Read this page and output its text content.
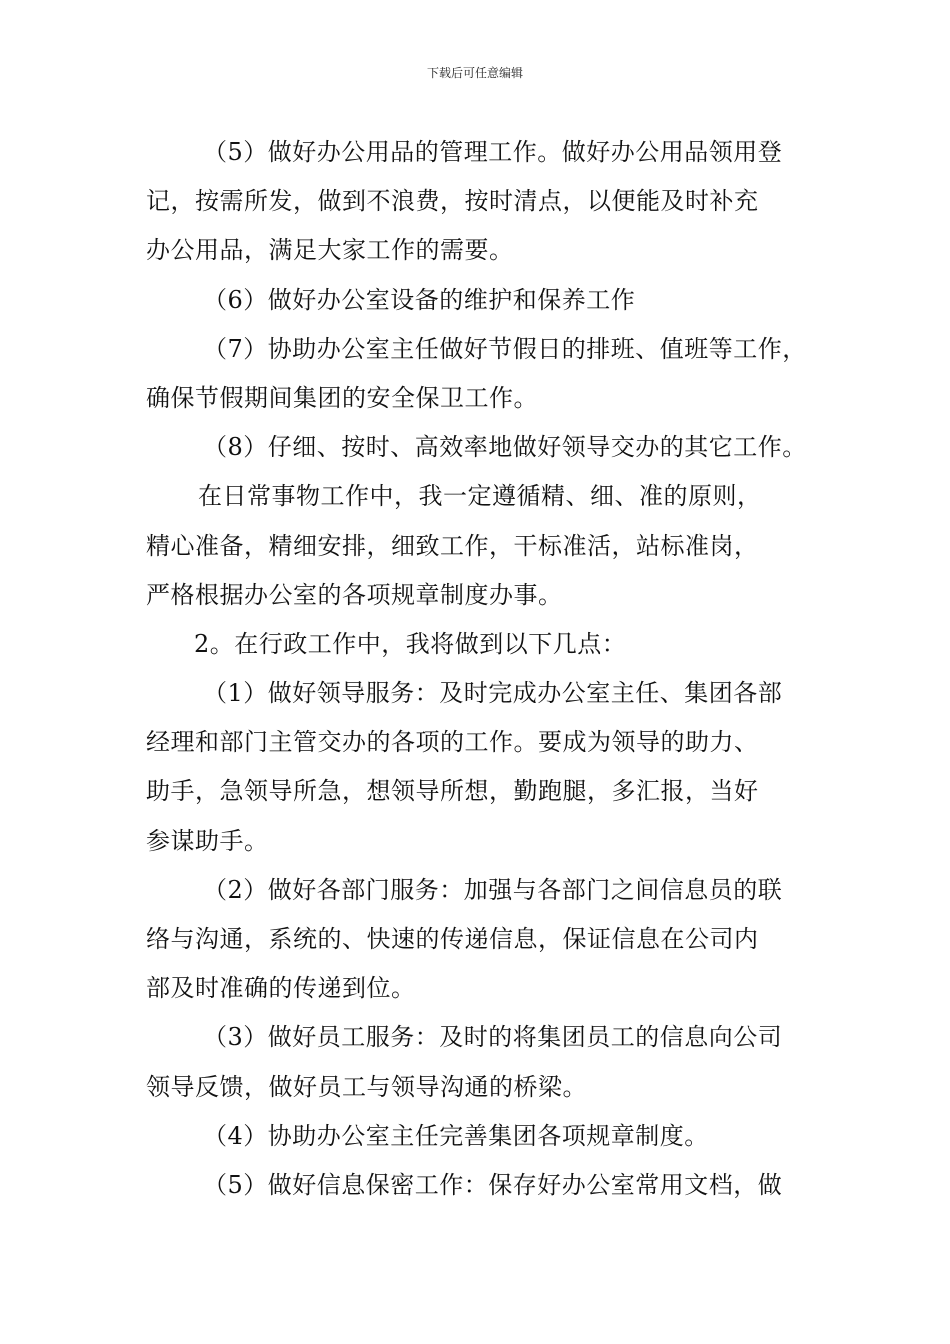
下载后可任意编辑
（5）做好办公用品的管理工作。做好办公用品领用登
记，按需所发，做到不浪费，按时清点，以便能及时补充
办公用品，满足大家工作的需要。
（6）做好办公室设备的维护和保养工作
（7）协助办公室主任做好节假日的排班、值班等工作，
确保节假期间集团的安全保卫工作。
（8）仔细、按时、高效率地做好领导交办的其它工作。
在日常事物工作中，我一定遵循精、细、准的原则，
精心准备，精细安排，细致工作，干标准活，站标准岗，
严格根据办公室的各项规章制度办事。
2。在行政工作中，我将做到以下几点：
（1）做好领导服务：及时完成办公室主任、集团各部
经理和部门主管交办的各项的工作。要成为领导的助力、
助手，急领导所急，想领导所想，勤跑腿，多汇报，当好
参谋助手。
（2）做好各部门服务：加强与各部门之间信息员的联
络与沟通，系统的、快速的传递信息，保证信息在公司内
部及时准确的传递到位。
（3）做好员工服务：及时的将集团员工的信息向公司
领导反馈，做好员工与领导沟通的桥梁。
（4）协助办公室主任完善集团各项规章制度。
（5）做好信息保密工作：保存好办公室常用文档，做
